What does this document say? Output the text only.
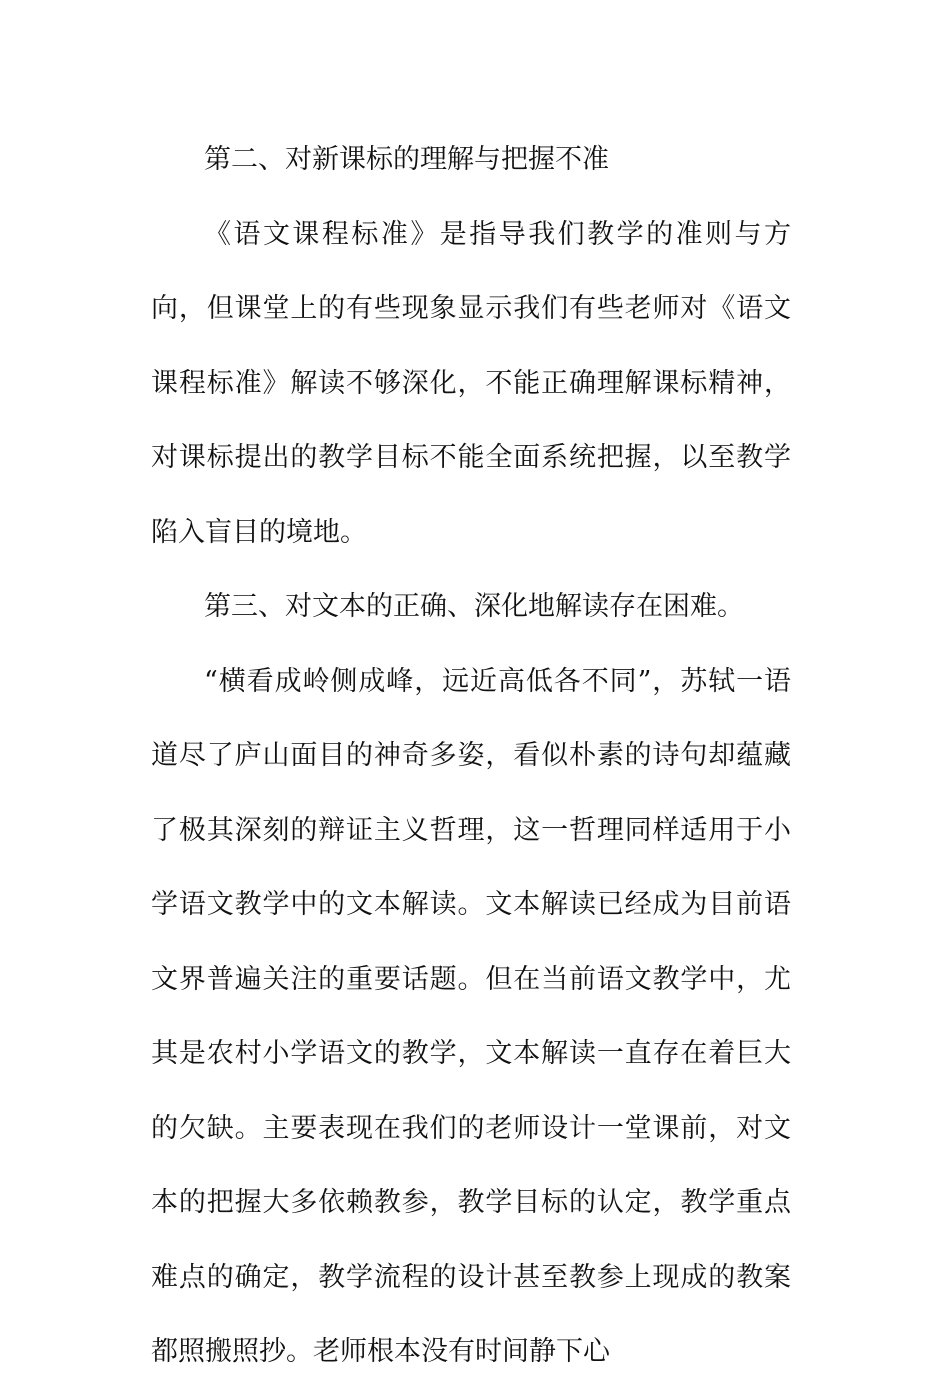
第二、对新课标的理解与把握不准

《语文课程标准》是指导我们教学的准则与方向，但课堂上的有些现象显示我们有些老师对《语文课程标准》解读不够深化，不能正确理解课标精神，对课标提出的教学目标不能全面系统把握，以至教学陷入盲目的境地。

第三、对文本的正确、深化地解读存在困难。

“横看成岭侧成峰，远近高低各不同”，苏轼一语道尽了庐山面目的神奇多姿，看似朴素的诗句却蕴藏了极其深刻的辩证主义哲理，这一哲理同样适用于小学语文教学中的文本解读。文本解读已经成为目前语文界普遍关注的重要话题。但在当前语文教学中，尤其是农村小学语文的教学，文本解读一直存在着巨大的欠缺。主要表现在我们的老师设计一堂课前，对文本的把握大多依赖教参，教学目标的认定，教学重点难点的确定，教学流程的设计甚至教参上现成的教案都照搬照抄。老师根本没有时间静下心
